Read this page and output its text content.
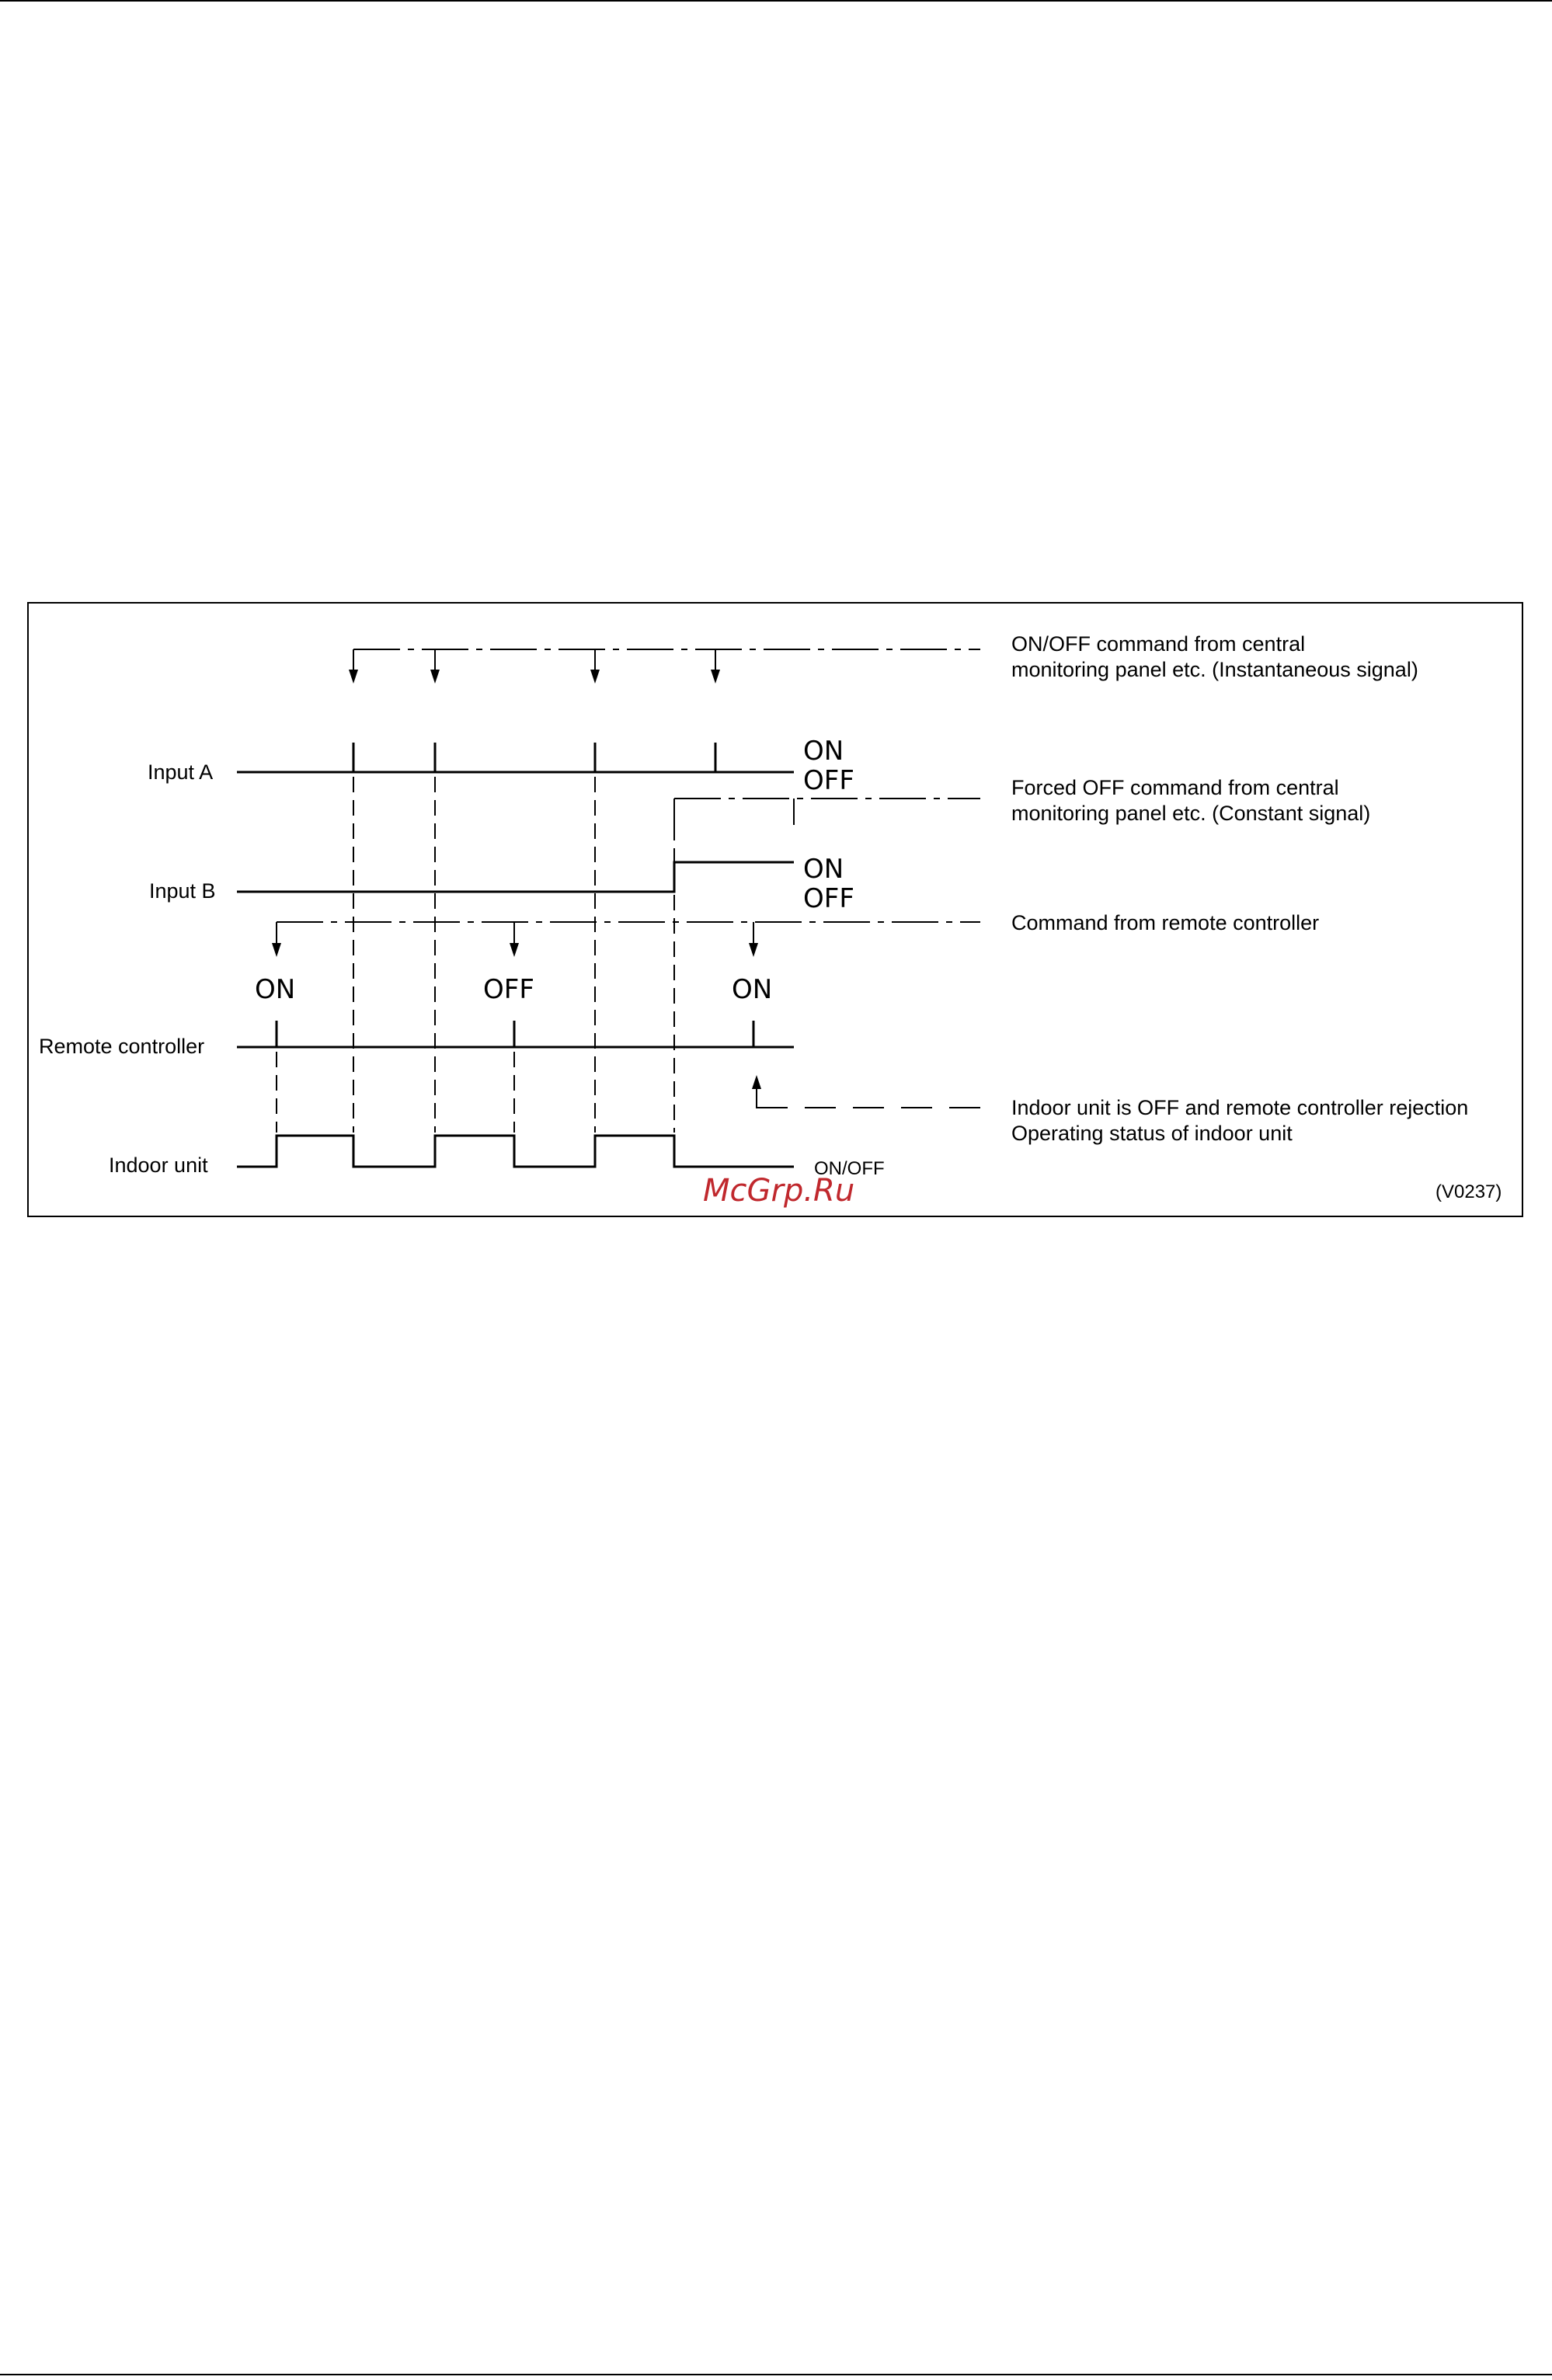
ON/OFF command from central
monitoring panel etc. (Instantaneous signal)
Input A
ON
OFF	Forced OFF command from central
monitoring panel etc. (Constant signal)
Input B
ON
OFF
Command from remote controller
ON	OFF	ON
Remote controller
Indoor unit is OFF and remote controller rejection
Operating status of indoor unit
Indoor unit	ON/OFF
McGrp.Ru	(V0237)
